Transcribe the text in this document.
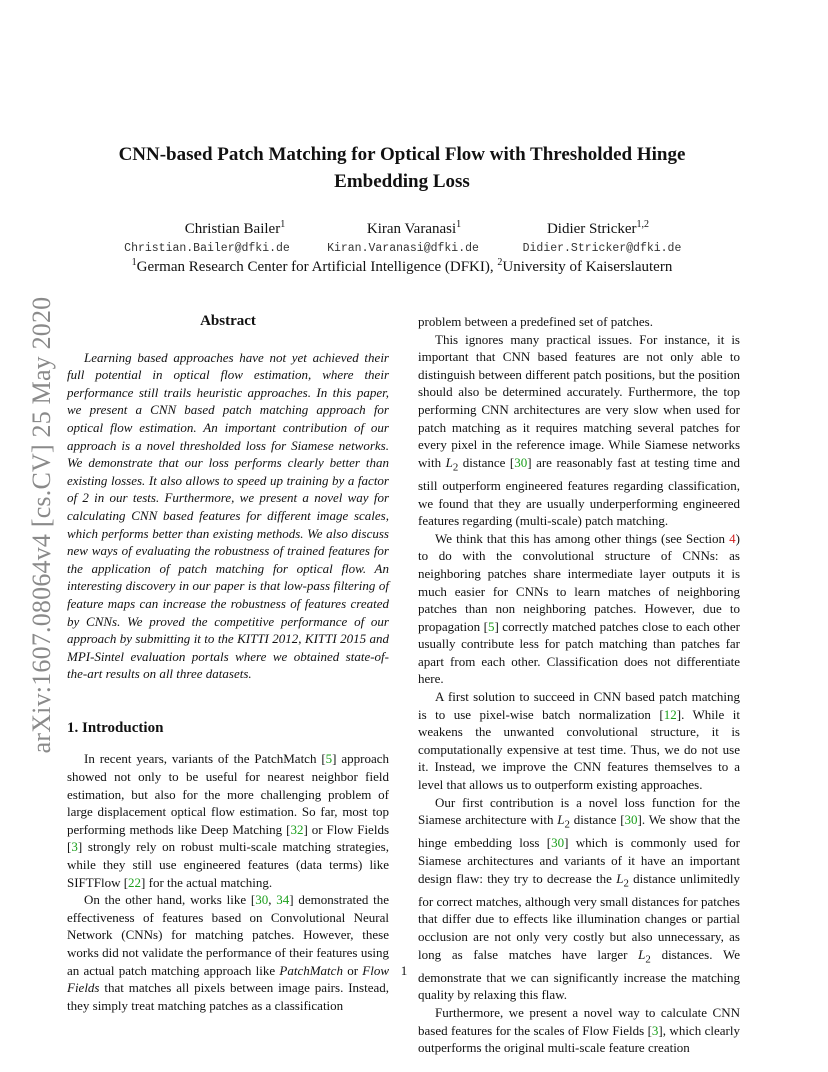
arXiv:1607.08064v4 [cs.CV] 25 May 2020
CNN-based Patch Matching for Optical Flow with Thresholded Hinge Embedding Loss
Christian Bailer$^1$	Kiran Varanasi$^1$	Didier Stricker$^{1,2}$
Christian.Bailer@dfki.de	Kiran.Varanasi@dfki.de	Didier.Stricker@dfki.de
$^1$German Research Center for Artificial Intelligence (DFKI), $^2$University of Kaiserslautern

Abstract

Learning based approaches have not yet achieved their full potential in optical flow estimation, where their performance still trails heuristic approaches. In this paper, we present a CNN based patch matching approach for optical flow estimation. An important contribution of our approach is a novel thresholded loss for Siamese networks. We demonstrate that our loss performs clearly better than existing losses. It also allows to speed up training by a factor of 2 in our tests. Furthermore, we present a novel way for calculating CNN based features for different image scales, which performs better than existing methods. We also discuss new ways of evaluating the robustness of trained features for the application of patch matching for optical flow. An interesting discovery in our paper is that low-pass filtering of feature maps can increase the robustness of features created by CNNs. We proved the competitive performance of our approach by submitting it to the KITTI 2012, KITTI 2015 and MPI-Sintel evaluation portals where we obtained state-of-the-art results on all three datasets.

1. Introduction

In recent years, variants of the PatchMatch [5] approach showed not only to be useful for nearest neighbor field estimation, but also for the more challenging problem of large displacement optical flow estimation. So far, most top performing methods like Deep Matching [32] or Flow Fields [3] strongly rely on robust multi-scale matching strategies, while they still use engineered features (data terms) like SIFTFlow [22] for the actual matching.

On the other hand, works like [30, 34] demonstrated the effectiveness of features based on Convolutional Neural Network (CNNs) for matching patches. However, these works did not validate the performance of their features using an actual patch matching approach like PatchMatch or Flow Fields that matches all pixels between image pairs. Instead, they simply treat matching patches as a classification

problem between a predefined set of patches.

This ignores many practical issues. For instance, it is important that CNN based features are not only able to distinguish between different patch positions, but the position should also be determined accurately. Furthermore, the top performing CNN architectures are very slow when used for patch matching as it requires matching several patches for every pixel in the reference image. While Siamese networks with $L_2$ distance [30] are reasonably fast at testing time and still outperform engineered features regarding classification, we found that they are usually underperforming engineered features regarding (multi-scale) patch matching.

We think that this has among other things (see Section 4) to do with the convolutional structure of CNNs: as neighboring patches share intermediate layer outputs it is much easier for CNNs to learn matches of neighboring patches than non neighboring patches. However, due to propagation [5] correctly matched patches close to each other usually contribute less for patch matching than patches far apart from each other. Classification does not differentiate here.

A first solution to succeed in CNN based patch matching is to use pixel-wise batch normalization [12]. While it weakens the unwanted convolutional structure, it is computationally expensive at test time. Thus, we do not use it. Instead, we improve the CNN features themselves to a level that allows us to outperform existing approaches.

Our first contribution is a novel loss function for the Siamese architecture with $L_2$ distance [30]. We show that the hinge embedding loss [30] which is commonly used for Siamese architectures and variants of it have an important design flaw: they try to decrease the $L_2$ distance unlimitedly for correct matches, although very small distances for patches that differ due to effects like illumination changes or partial occlusion are not only very costly but also unnecessary, as long as false matches have larger $L_2$ distances. We demonstrate that we can significantly increase the matching quality by relaxing this flaw.

Furthermore, we present a novel way to calculate CNN based features for the scales of Flow Fields [3], which clearly outperforms the original multi-scale feature creation

1
